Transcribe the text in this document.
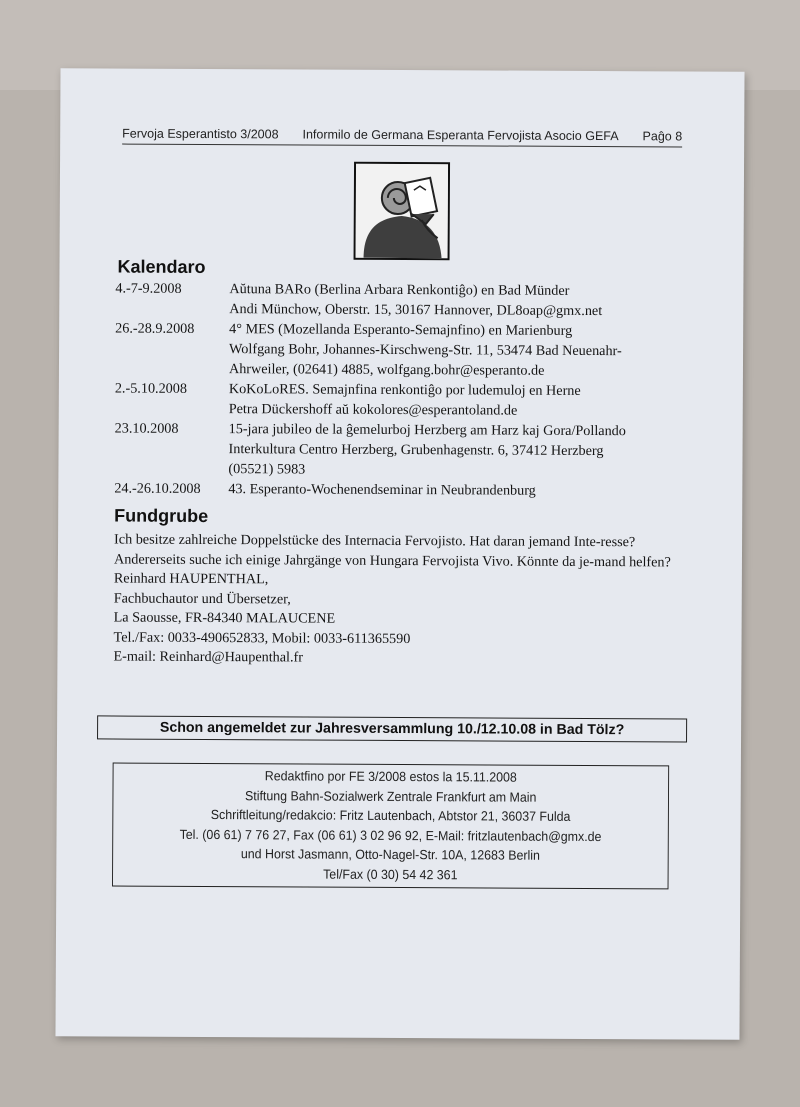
Fervoja Esperantisto 3/2008 Informilo de Germana Esperanta Fervojista Asocio GEFA Paĝo 8
Kalendaro
4.-7-9.2008	Aŭtuna BARo (Berlina Arbara Renkontiĝo) en Bad Münder
Andi Münchow, Oberstr. 15, 30167 Hannover, DL8oap@gmx.net
26.-28.9.2008	4° MES (Mozellanda Esperanto-Semajnfino) en Marienburg
Wolfgang Bohr, Johannes-Kirschweng-Str. 11, 53474 Bad Neuenahr-
Ahrweiler, (02641) 4885, wolfgang.bohr@esperanto.de
2.-5.10.2008	KoKoLoRES. Semajnfina renkontiĝo por ludemuloj en Herne
Petra Dückershoff aŭ kokolores@esperantoland.de
23.10.2008	15-jara jubileo de la ĝemelurboj Herzberg am Harz kaj Gora/Pollando
Interkultura Centro Herzberg, Grubenhagenstr. 6, 37412 Herzberg
(05521) 5983
24.-26.10.2008	43. Esperanto-Wochenendseminar in Neubrandenburg
Fundgrube

Ich besitze zahlreiche Doppelstücke des Internacia Fervojisto. Hat daran jemand Inte-resse?

Andererseits suche ich einige Jahrgänge von Hungara Fervojista Vivo. Könnte da je-mand helfen?

Reinhard HAUPENTHAL,

Fachbuchautor und Übersetzer,

La Saousse, FR-84340 MALAUCENE

Tel./Fax: 0033-490652833, Mobil: 0033-611365590

E-mail: Reinhard@Haupenthal.fr

Schon angemeldet zur Jahresversammlung 10./12.10.08 in Bad Tölz?
Redaktfino por FE 3/2008 estos la 15.11.2008
Stiftung Bahn-Sozialwerk Zentrale Frankfurt am Main
Schriftleitung/redakcio: Fritz Lautenbach, Abtstor 21, 36037 Fulda
Tel. (06 61) 7 76 27, Fax (06 61) 3 02 96 92, E-Mail: fritzlautenbach@gmx.de
und Horst Jasmann, Otto-Nagel-Str. 10A, 12683 Berlin
Tel/Fax (0 30) 54 42 361
